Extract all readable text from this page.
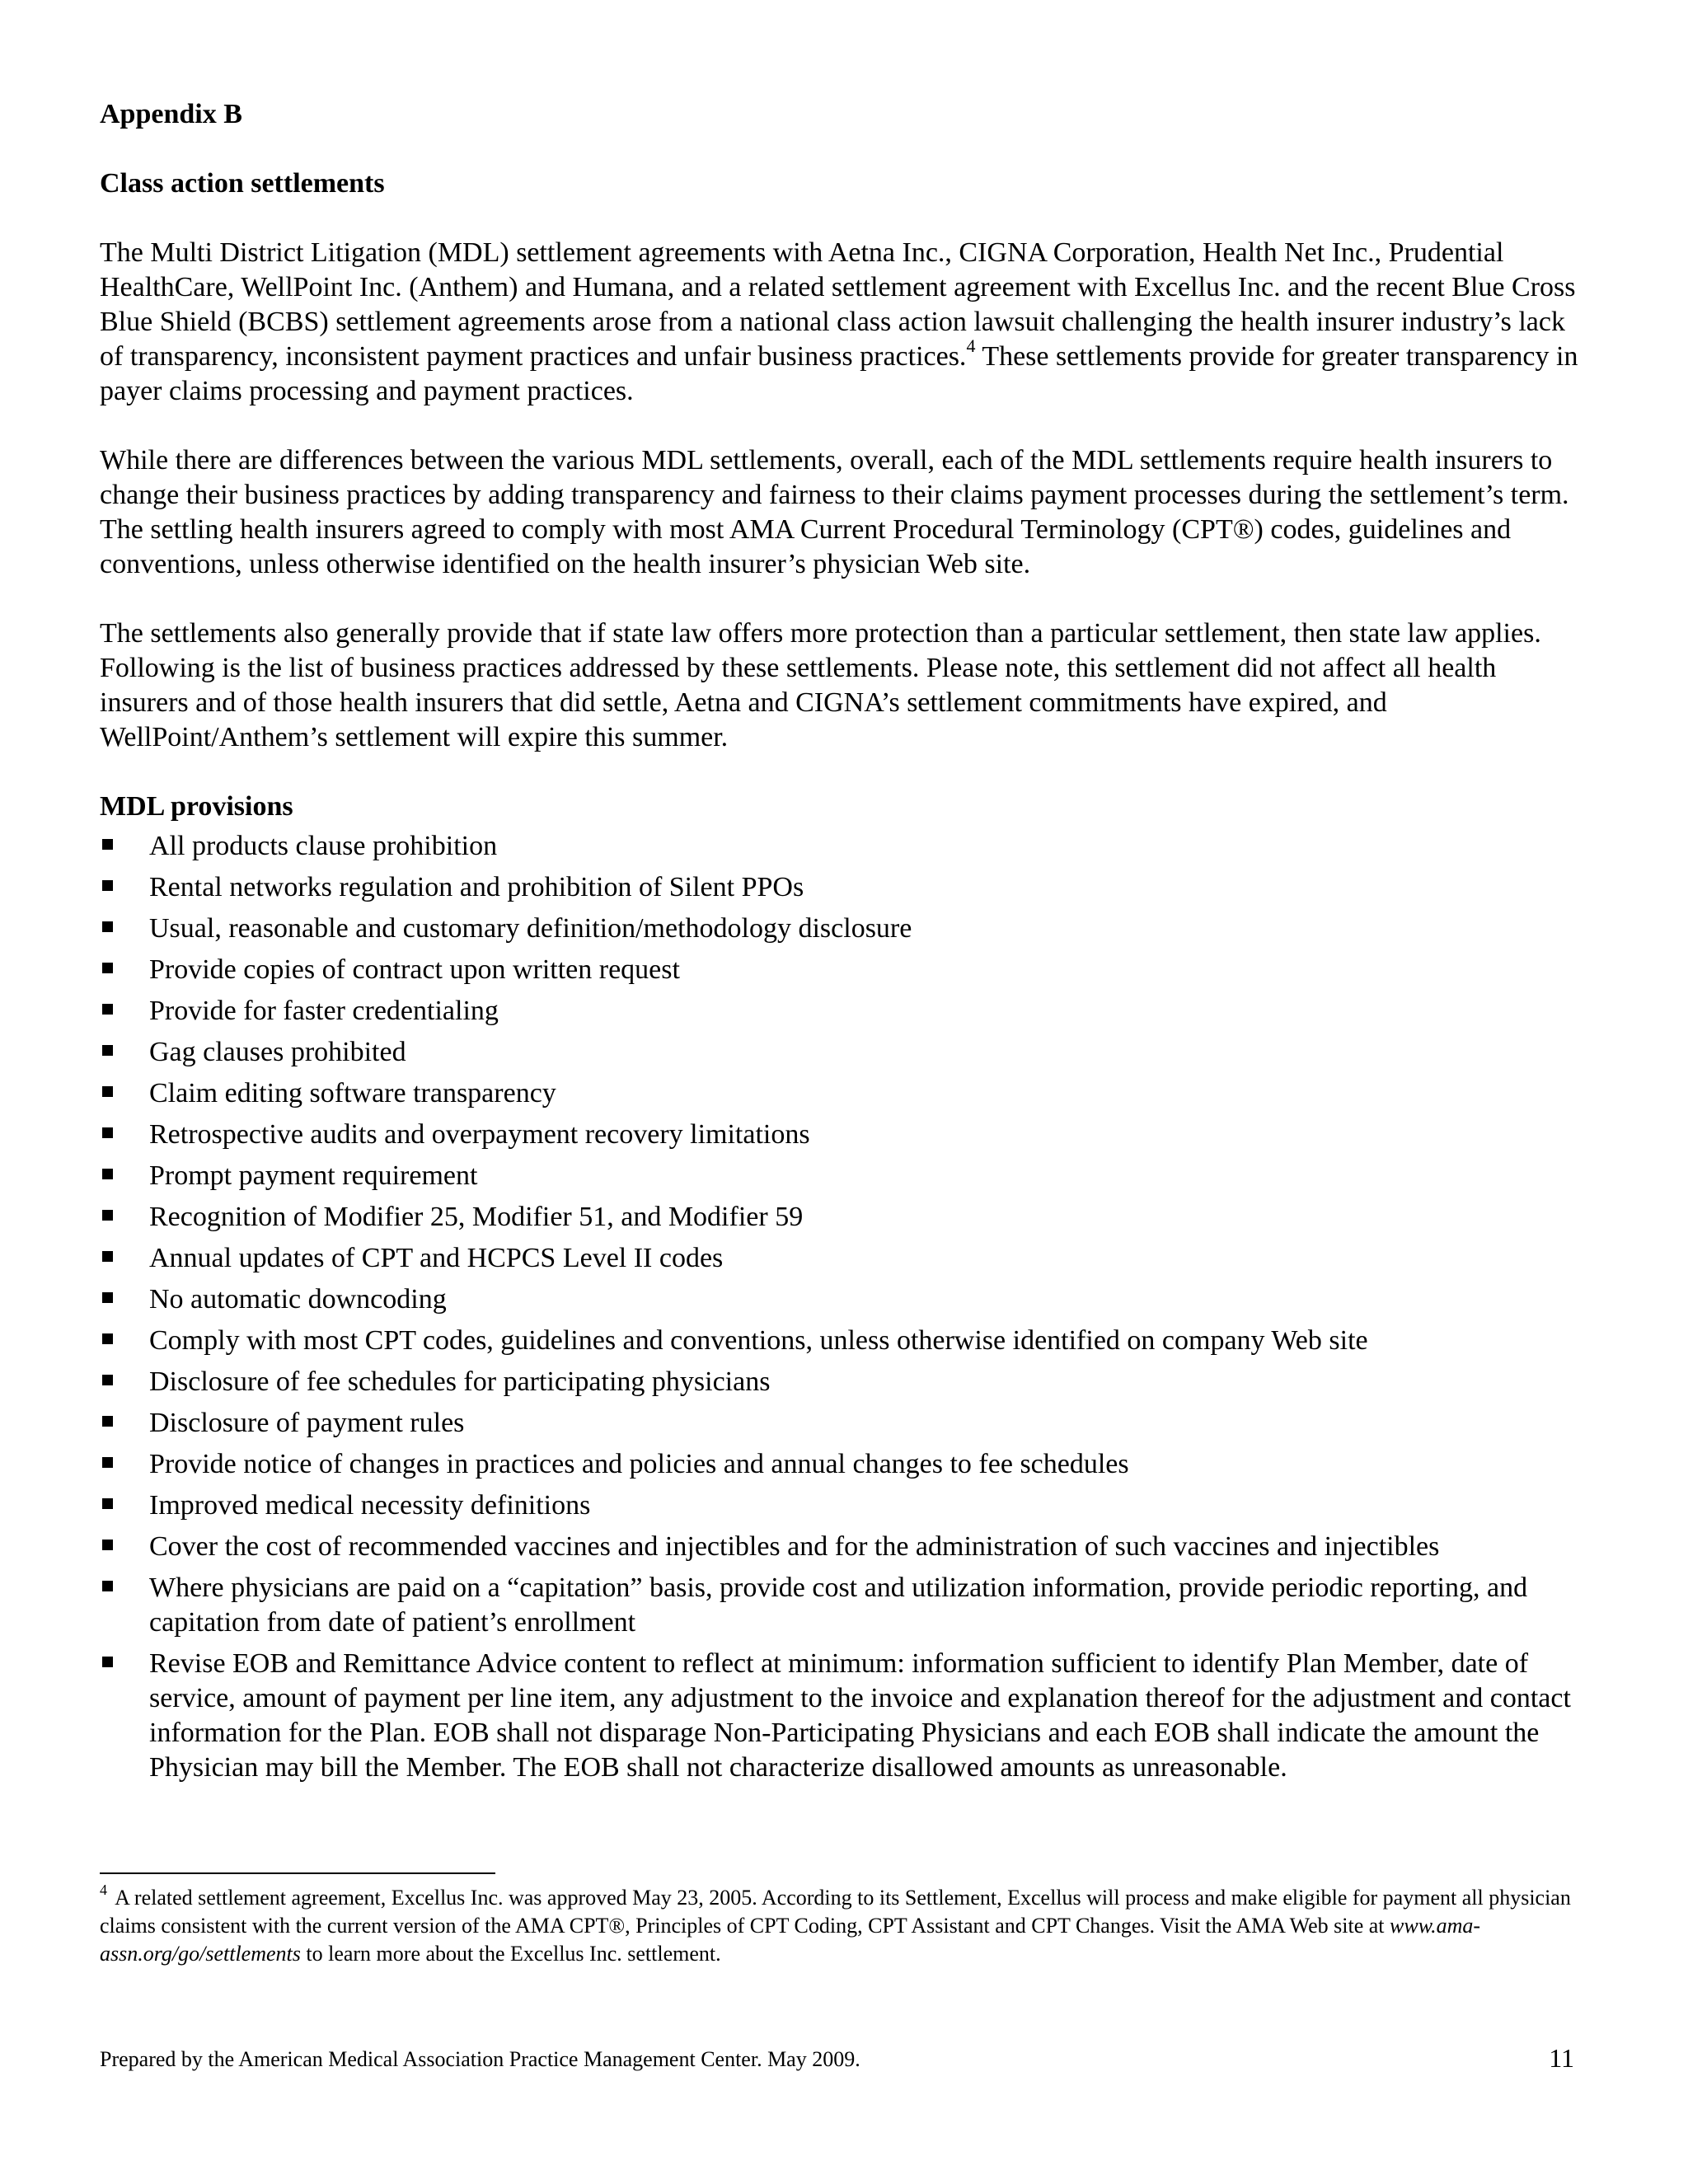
Appendix B
Class action settlements

The Multi District Litigation (MDL) settlement agreements with Aetna Inc., CIGNA Corporation, Health Net Inc., Prudential HealthCare, WellPoint Inc. (Anthem) and Humana, and a related settlement agreement with Excellus Inc. and the recent Blue Cross Blue Shield (BCBS) settlement agreements arose from a national class action lawsuit challenging the health insurer industry’s lack of transparency, inconsistent payment practices and unfair business practices.$^4$ These settlements provide for greater transparency in payer claims processing and payment practices.

While there are differences between the various MDL settlements, overall, each of the MDL settlements require health insurers to change their business practices by adding transparency and fairness to their claims payment processes during the settlement’s term. The settling health insurers agreed to comply with most AMA Current Procedural Terminology (CPT®) codes, guidelines and conventions, unless otherwise identified on the health insurer’s physician Web site.

The settlements also generally provide that if state law offers more protection than a particular settlement, then state law applies. Following is the list of business practices addressed by these settlements. Please note, this settlement did not affect all health insurers and of those health insurers that did settle, Aetna and CIGNA’s settlement commitments have expired, and WellPoint/Anthem’s settlement will expire this summer.

MDL provisions
All products clause prohibition
Rental networks regulation and prohibition of Silent PPOs
Usual, reasonable and customary definition/methodology disclosure
Provide copies of contract upon written request
Provide for faster credentialing
Gag clauses prohibited
Claim editing software transparency
Retrospective audits and overpayment recovery limitations
Prompt payment requirement
Recognition of Modifier 25, Modifier 51, and Modifier 59
Annual updates of CPT and HCPCS Level II codes
No automatic downcoding
Comply with most CPT codes, guidelines and conventions, unless otherwise identified on company Web site
Disclosure of fee schedules for participating physicians
Disclosure of payment rules
Provide notice of changes in practices and policies and annual changes to fee schedules
Improved medical necessity definitions
Cover the cost of recommended vaccines and injectibles and for the administration of such vaccines and injectibles
Where physicians are paid on a “capitation” basis, provide cost and utilization information, provide periodic reporting, and capitation from date of patient’s enrollment
Revise EOB and Remittance Advice content to reflect at minimum: information sufficient to identify Plan Member, date of service, amount of payment per line item, any adjustment to the invoice and explanation thereof for the adjustment and contact information for the Plan. EOB shall not disparage Non-Participating Physicians and each EOB shall indicate the amount the Physician may bill the Member. The EOB shall not characterize disallowed amounts as unreasonable.
$^4$ A related settlement agreement, Excellus Inc. was approved May 23, 2005. According to its Settlement, Excellus will process and make eligible for payment all physician claims consistent with the current version of the AMA CPT®, Principles of CPT Coding, CPT Assistant and CPT Changes. Visit the AMA Web site at www.ama-assn.org/go/settlements to learn more about the Excellus Inc. settlement.
Prepared by the American Medical Association Practice Management Center. May 2009.	11
